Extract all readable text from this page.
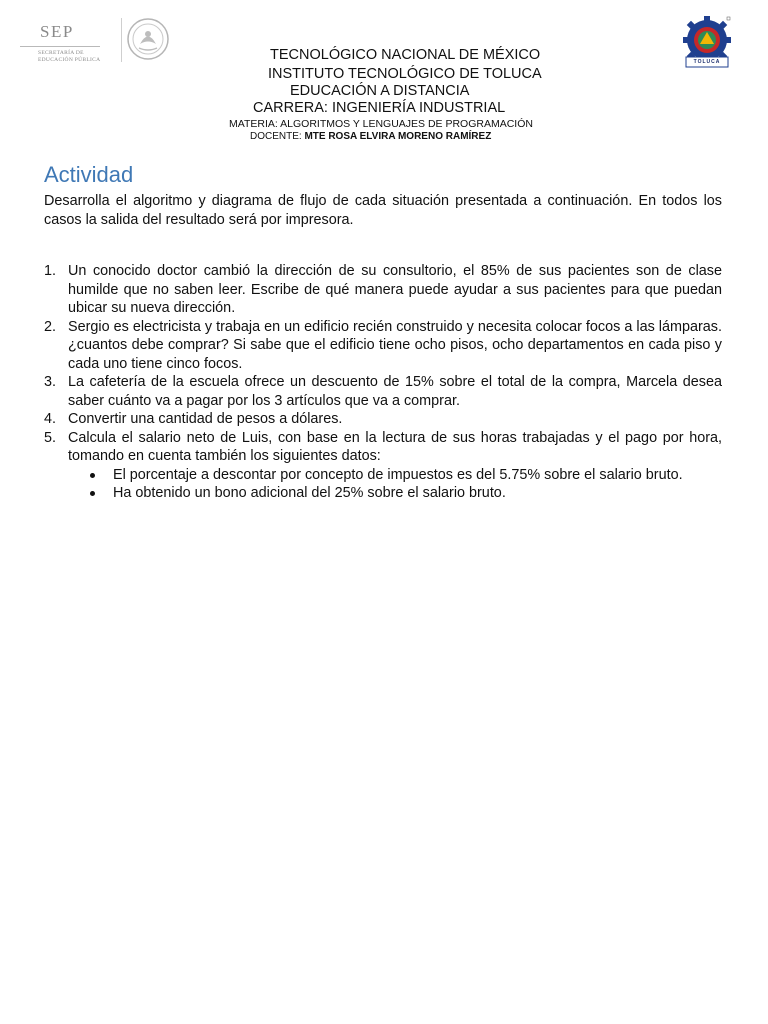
SEP
SECRETARÍA DE
EDUCACIÓN PÚBLICA	TOLUCA
TECNOLÓGICO NACIONAL DE MÉXICO
INSTITUTO TECNOLÓGICO DE TOLUCA
EDUCACIÓN A DISTANCIA
CARRERA: INGENIERÍA INDUSTRIAL
MATERIA: ALGORITMOS Y LENGUAJES DE PROGRAMACIÓN
DOCENTE: MTE ROSA ELVIRA MORENO RAMÍREZ
Actividad

Desarrolla el algoritmo y diagrama de flujo de cada situación presentada a continuación. En todos los casos la salida del resultado será por impresora.

1. Un conocido doctor cambió la dirección de su consultorio, el 85% de sus pacientes son de clase humilde que no saben leer. Escribe de qué manera puede ayudar a sus pacientes para que puedan ubicar su nueva dirección.
2. Sergio es electricista y trabaja en un edificio recién construido y necesita colocar focos a las lámparas. ¿cuantos debe comprar? Si sabe que el edificio tiene ocho pisos, ocho departamentos en cada piso y cada uno tiene cinco focos.
3. La cafetería de la escuela ofrece un descuento de 15% sobre el total de la compra, Marcela desea saber cuánto va a pagar por los 3 artículos que va a comprar.
4. Convertir una cantidad de pesos a dólares.
5. Calcula el salario neto de Luis, con base en la lectura de sus horas trabajadas y el pago por hora, tomando en cuenta también los siguientes datos:
El porcentaje a descontar por concepto de impuestos es del 5.75% sobre el salario bruto.
Ha obtenido un bono adicional del 25% sobre el salario bruto.
